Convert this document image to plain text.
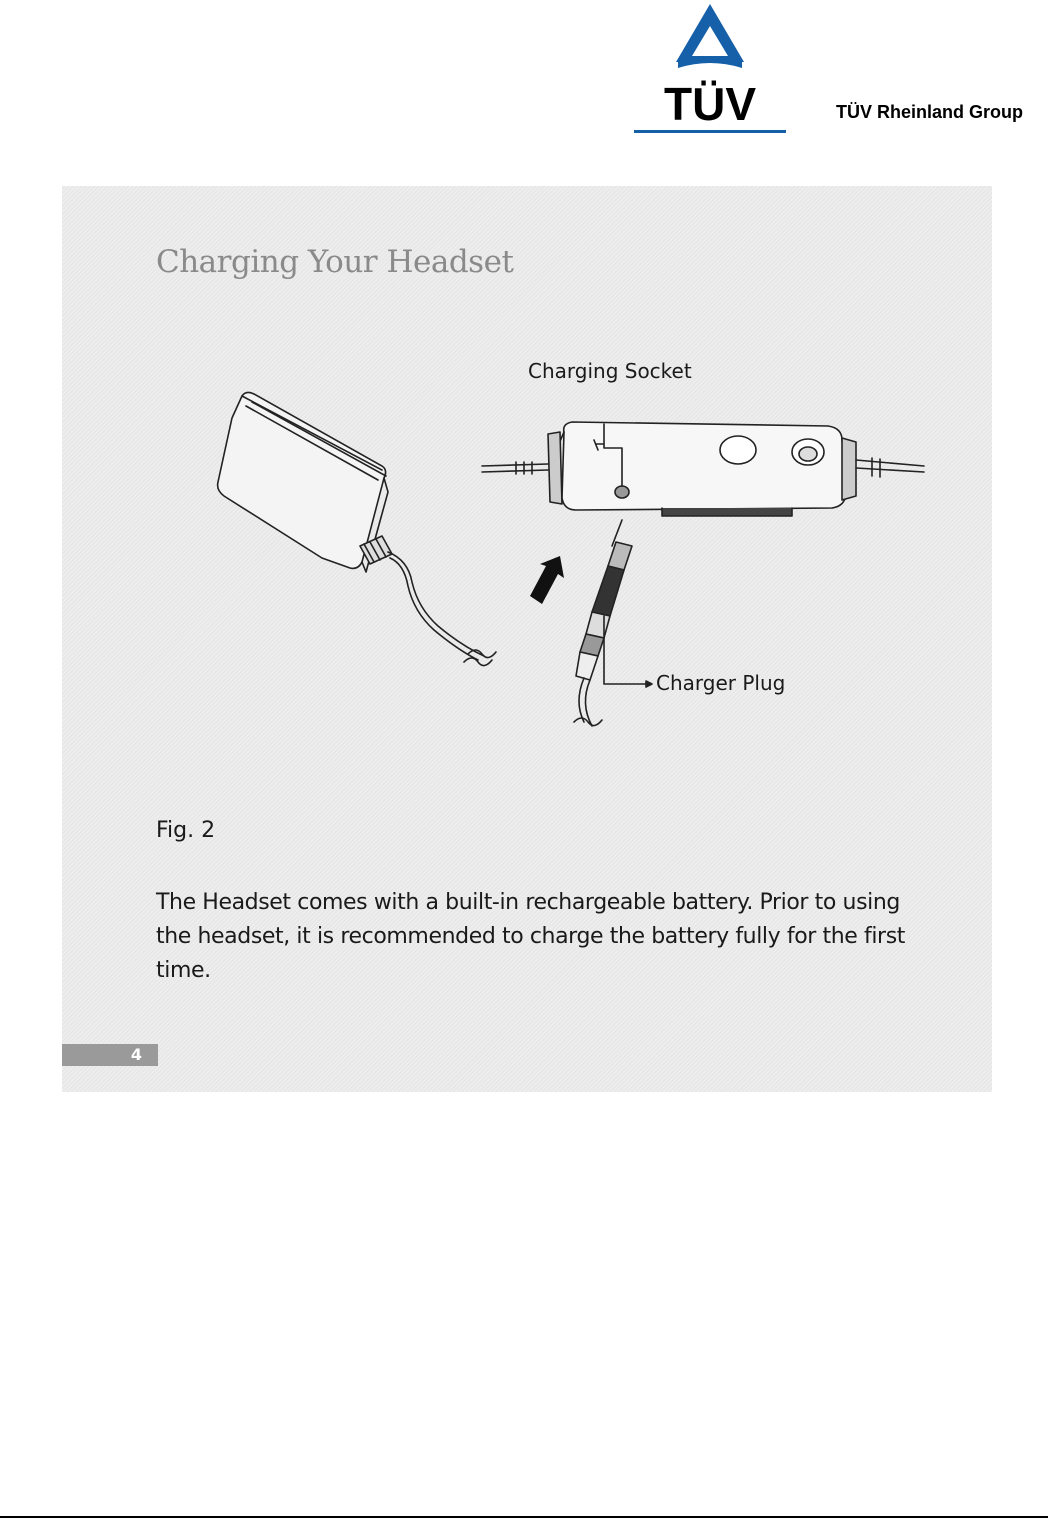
TÜV	TÜV Rheinland Group
Charging Your Headset
Charging Socket
Charger Plug
Fig. 2
The Headset comes with a built-in rechargeable battery. Prior to using the headset, it is recommended to charge the battery fully for the first time.
4
